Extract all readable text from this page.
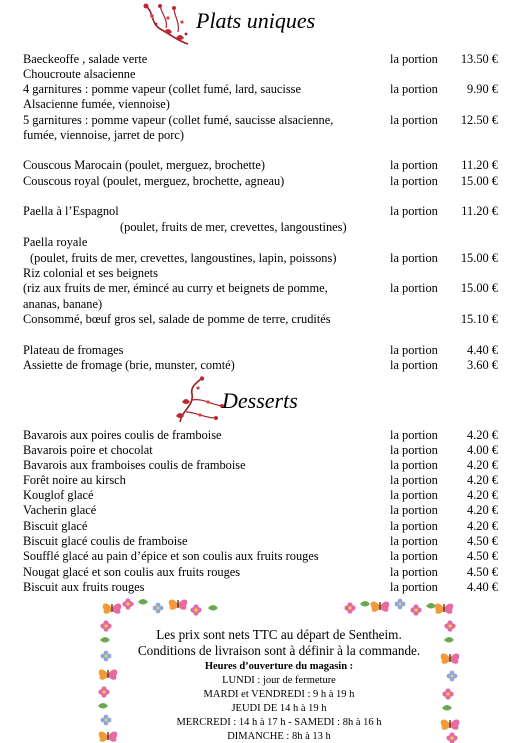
Plats uniques
Baeckeoffe , salade verte	la portion 13.50 €
Choucroute alsacienne
4 garnitures : pomme vapeur (collet fumé, lard, saucisse	la portion 9.90 €
Alsacienne fumée, viennoise)
5 garnitures : pomme vapeur (collet fumé, saucisse alsacienne,	la portion 12.50 €
fumée, viennoise, jarret de porc)
Couscous Marocain (poulet, merguez, brochette)	la portion 11.20 €
Couscous royal (poulet, merguez, brochette, agneau)	la portion 15.00 €
Paella à l’Espagnol	la portion 11.20 €
(poulet, fruits de mer, crevettes, langoustines)
Paella royale
(poulet, fruits de mer, crevettes, langoustines, lapin, poissons)	la portion 15.00 €
Riz colonial et ses beignets
(riz aux fruits de mer, émincé au curry et beignets de pomme,	la portion 15.00 €
ananas, banane)
Consommé, bœuf gros sel, salade de pomme de terre, crudités	15.10 €
Plateau de fromages	la portion 4.40 €
Assiette de fromage (brie, munster, comté)	la portion 3.60 €
Desserts
Bavarois aux poires coulis de framboise	la portion 4.20 €
Bavarois poire et chocolat	la portion 4.00 €
Bavarois aux framboises coulis de framboise	la portion 4.20 €
Forêt noire au kirsch	la portion 4.20 €
Kouglof glacé	la portion 4.20 €
Vacherin glacé	la portion 4.20 €
Biscuit glacé	la portion 4.20 €
Biscuit glacé coulis de framboise	la portion 4.50 €
Soufflé glacé au pain d’épice et son coulis aux fruits rouges	la portion 4.50 €
Nougat glacé et son coulis aux fruits rouges	la portion 4.50 €
Biscuit aux fruits rouges	la portion 4.40 €
Les prix sont nets TTC au départ de Sentheim.
Conditions de livraison sont à définir à la commande.
Heures d’ouverture du magasin :
LUNDI : jour de fermeture
MARDI et VENDREDI : 9 h à 19 h
JEUDI DE 14 h à 19 h
MERCREDI : 14 h à 17 h - SAMEDI : 8h à 16 h
DIMANCHE : 8h à 13 h
